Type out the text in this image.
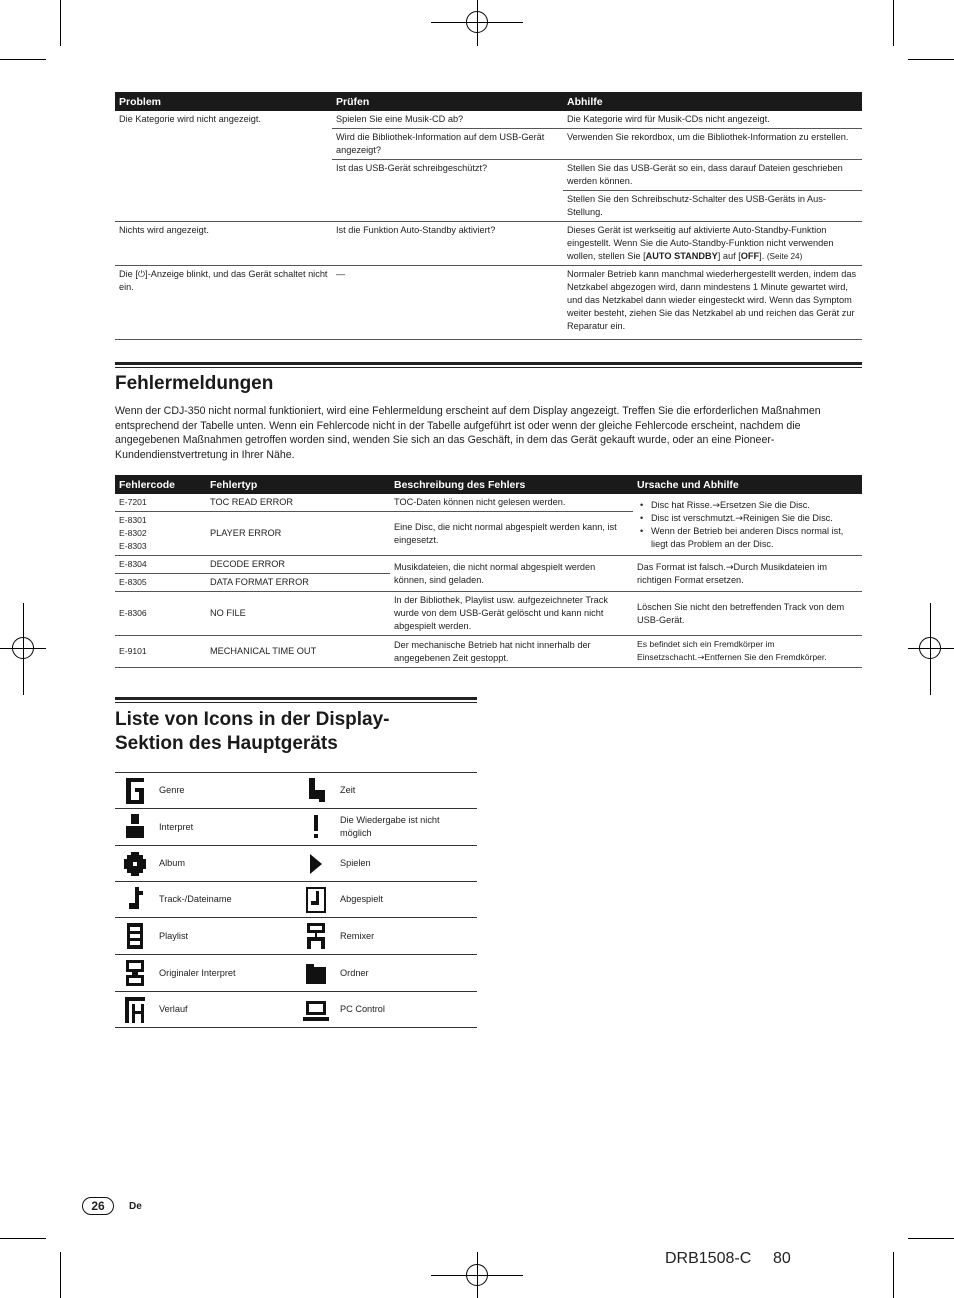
Problem	Prüfen	Abhilfe
Die Kategorie wird nicht angezeigt.	Spielen Sie eine Musik-CD ab?	Die Kategorie wird für Musik-CDs nicht angezeigt.
	Wird die Bibliothek-Information auf dem USB-Gerät angezeigt?	Verwenden Sie rekordbox, um die Bibliothek-Information zu erstellen.
	Ist das USB-Gerät schreibgeschützt?	Stellen Sie das USB-Gerät so ein, dass darauf Dateien geschrieben werden können.
		Stellen Sie den Schreibschutz-Schalter des USB-Geräts in Aus-Stellung.
Nichts wird angezeigt.	Ist die Funktion Auto-Standby aktiviert?	Dieses Gerät ist werkseitig auf aktivierte Auto-Standby-Funktion eingestellt. Wenn Sie die Auto-Standby-Funktion nicht verwenden wollen, stellen Sie [AUTO STANDBY] auf [OFF]. (Seite 24)
Die [⏻]-Anzeige blinkt, und das Gerät schaltet nicht ein.	—	Normaler Betrieb kann manchmal wiederhergestellt werden, indem das Netzkabel abgezogen wird, dann mindestens 1 Minute gewartet wird, und das Netzkabel dann wieder eingesteckt wird. Wenn das Symptom weiter besteht, ziehen Sie das Netzkabel ab und reichen das Gerät zur Reparatur ein.
Fehlermeldungen

Wenn der CDJ-350 nicht normal funktioniert, wird eine Fehlermeldung erscheint auf dem Display angezeigt. Treffen Sie die erforderlichen Maßnahmen entsprechend der Tabelle unten. Wenn ein Fehlercode nicht in der Tabelle aufgeführt ist oder wenn der gleiche Fehlercode erscheint, nachdem die angegebenen Maßnahmen getroffen worden sind, wenden Sie sich an das Geschäft, in dem das Gerät gekauft wurde, oder an eine Pioneer-Kundendienstvertretung in Ihrer Nähe.

Fehlercode	Fehlertyp	Beschreibung des Fehlers	Ursache und Abhilfe
E-7201	TOC READ ERROR	TOC-Daten können nicht gelesen werden.	• Disc hat Risse.→Ersetzen Sie die Disc.
• Disc ist verschmutzt.→Reinigen Sie die Disc.
• Wenn der Betrieb bei anderen Discs normal ist, liegt das Problem an der Disc.

E-8301
E-8302
E-8303	PLAYER ERROR	Eine Disc, die nicht normal abgespielt werden kann, ist eingesetzt.	
E-8304	DECODE ERROR	Musikdateien, die nicht normal abgespielt werden können, sind geladen.	Das Format ist falsch.→Durch Musikdateien im richtigen Format ersetzen.
E-8305	DATA FORMAT ERROR		
E-8306	NO FILE	In der Bibliothek, Playlist usw. aufgezeichneter Track wurde von dem USB-Gerät gelöscht und kann nicht abgespielt werden.	Löschen Sie nicht den betreffenden Track von dem USB-Gerät.
E-9101	MECHANICAL TIME OUT	Der mechanische Betrieb hat nicht innerhalb der angegebenen Zeit gestoppt.	Es befindet sich ein Fremdkörper im Einsetzschacht.→Entfernen Sie den Fremdkörper.
Liste von Icons in der Display-
Sektion des Hauptgeräts
	Genre		Zeit

	Interpret		Die Wiedergabe ist nicht möglich

	Album		Spielen

	Track-/Dateiname		Abgespielt

	Playlist		Remixer

	Originaler Interpret		Ordner

	Verlauf		PC Control
26	De
DRB1508-C 80
